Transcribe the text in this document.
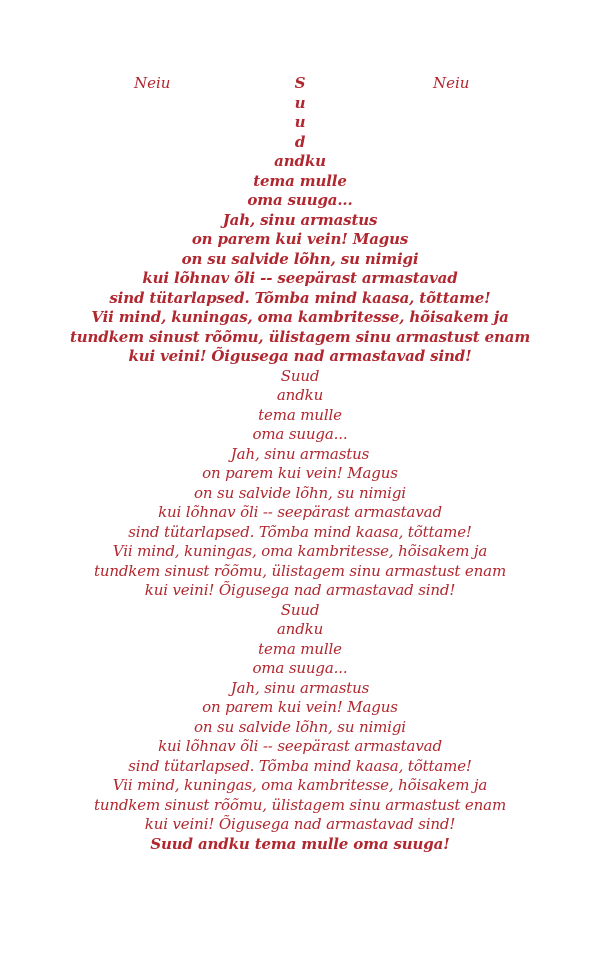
Neiu	Neiu
S
u
u
d
andku
tema mulle
oma suuga...
Jah, sinu armastus
on parem kui vein! Magus
on su salvide lõhn, su nimigi
kui lõhnav õli -- seepärast armastavad
sind tütarlapsed. Tõmba mind kaasa, tõttame!
Vii mind, kuningas, oma kambritesse, hõisakem ja
tundkem sinust rõõmu, ülistagem sinu armastust enam
kui veini! Õigusega nad armastavad sind!
Suud
andku
tema mulle
oma suuga...
Jah, sinu armastus
on parem kui vein! Magus
on su salvide lõhn, su nimigi
kui lõhnav õli -- seepärast armastavad
sind tütarlapsed. Tõmba mind kaasa, tõttame!
Vii mind, kuningas, oma kambritesse, hõisakem ja
tundkem sinust rõõmu, ülistagem sinu armastust enam
kui veini! Õigusega nad armastavad sind!
Suud
andku
tema mulle
oma suuga...
Jah, sinu armastus
on parem kui vein! Magus
on su salvide lõhn, su nimigi
kui lõhnav õli -- seepärast armastavad
sind tütarlapsed. Tõmba mind kaasa, tõttame!
Vii mind, kuningas, oma kambritesse, hõisakem ja
tundkem sinust rõõmu, ülistagem sinu armastust enam
kui veini! Õigusega nad armastavad sind!
Suud andku tema mulle oma suuga!
